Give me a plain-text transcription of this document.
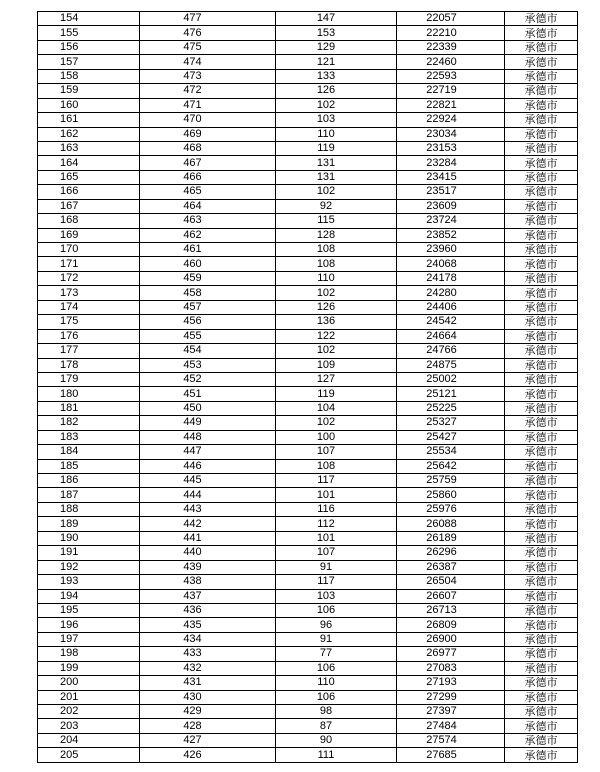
154	477	147	22057	承德市
155	476	153	22210	承德市
156	475	129	22339	承德市
157	474	121	22460	承德市
158	473	133	22593	承德市
159	472	126	22719	承德市
160	471	102	22821	承德市
161	470	103	22924	承德市
162	469	110	23034	承德市
163	468	119	23153	承德市
164	467	131	23284	承德市
165	466	131	23415	承德市
166	465	102	23517	承德市
167	464	92	23609	承德市
168	463	115	23724	承德市
169	462	128	23852	承德市
170	461	108	23960	承德市
171	460	108	24068	承德市
172	459	110	24178	承德市
173	458	102	24280	承德市
174	457	126	24406	承德市
175	456	136	24542	承德市
176	455	122	24664	承德市
177	454	102	24766	承德市
178	453	109	24875	承德市
179	452	127	25002	承德市
180	451	119	25121	承德市
181	450	104	25225	承德市
182	449	102	25327	承德市
183	448	100	25427	承德市
184	447	107	25534	承德市
185	446	108	25642	承德市
186	445	117	25759	承德市
187	444	101	25860	承德市
188	443	116	25976	承德市
189	442	112	26088	承德市
190	441	101	26189	承德市
191	440	107	26296	承德市
192	439	91	26387	承德市
193	438	117	26504	承德市
194	437	103	26607	承德市
195	436	106	26713	承德市
196	435	96	26809	承德市
197	434	91	26900	承德市
198	433	77	26977	承德市
199	432	106	27083	承德市
200	431	110	27193	承德市
201	430	106	27299	承德市
202	429	98	27397	承德市
203	428	87	27484	承德市
204	427	90	27574	承德市
205	426	111	27685	承德市
